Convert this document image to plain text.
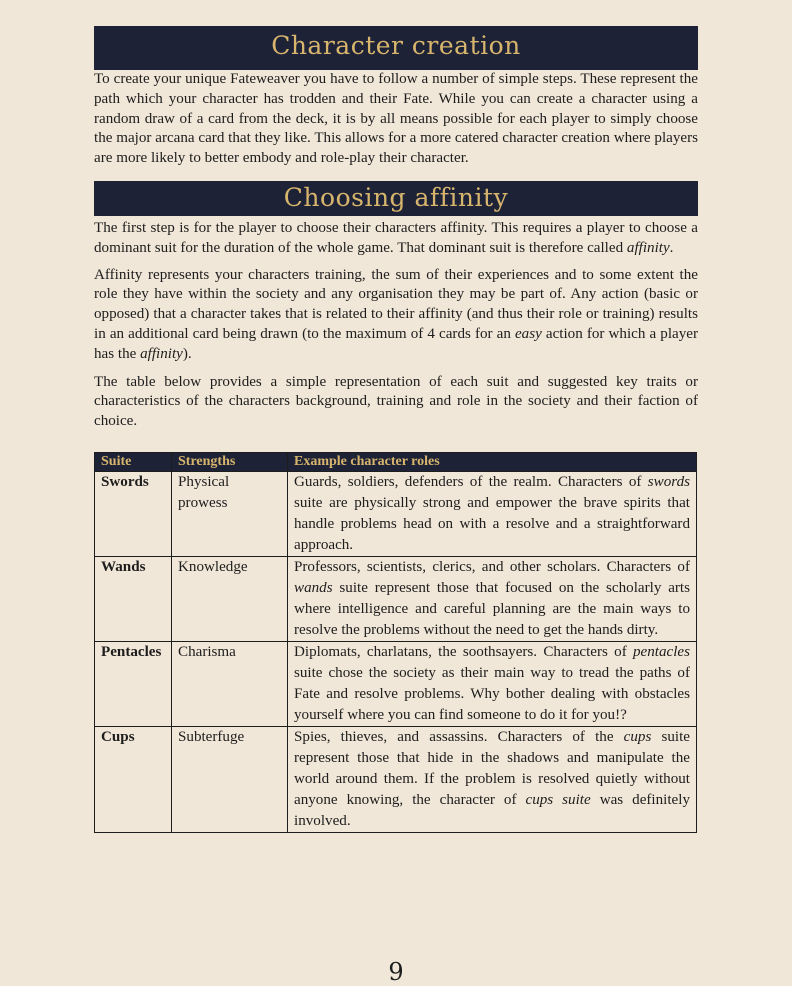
Character creation

To create your unique Fateweaver you have to follow a number of simple steps. These represent the path which your character has trodden and their Fate. While you can create a character using a random draw of a card from the deck, it is by all means possible for each player to simply choose the major arcana card that they like. This allows for a more catered character creation where players are more likely to better embody and role-play their character.

Choosing affinity

The first step is for the player to choose their characters affinity. This requires a player to choose a dominant suit for the duration of the whole game. That dominant suit is therefore called affinity.

Affinity represents your characters training, the sum of their experiences and to some extent the role they have within the society and any organisation they may be part of. Any action (basic or opposed) that a character takes that is related to their affinity (and thus their role or training) results in an additional card being drawn (to the maximum of 4 cards for an easy action for which a player has the affinity).

The table below provides a simple representation of each suit and suggested key traits or characteristics of the characters background, training and role in the society and their faction of choice.

Suite	Strengths	Example character roles
Swords	Physical prowess	Guards, soldiers, defenders of the realm. Characters of swords suite are physically strong and empower the brave spirits that handle problems head on with a resolve and a straightforward approach.
Wands	Knowledge	Professors, scientists, clerics, and other scholars. Characters of wands suite represent those that focused on the scholarly arts where intelligence and careful planning are the main ways to resolve the problems without the need to get the hands dirty.
Pentacles	Charisma	Diplomats, charlatans, the soothsayers. Characters of pentacles suite chose the society as their main way to tread the paths of Fate and resolve problems. Why bother dealing with obstacles yourself where you can find someone to do it for you!?
Cups	Subterfuge	Spies, thieves, and assassins. Characters of the cups suite represent those that hide in the shadows and manipulate the world around them. If the problem is resolved quietly without anyone knowing, the character of cups suite was definitely involved.
9
